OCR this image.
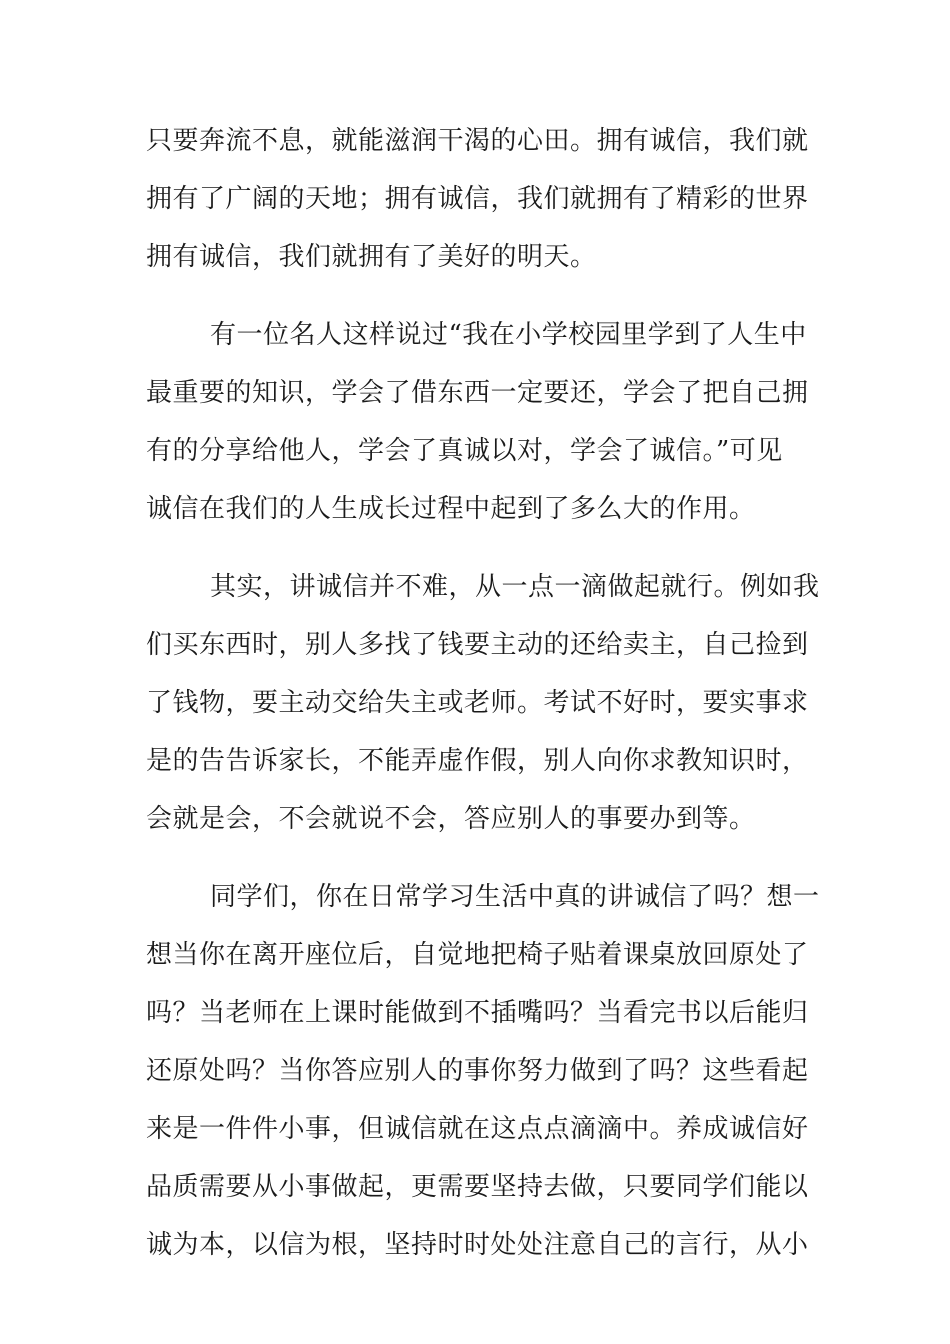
只要奔流不息，就能滋润干渴的心田。拥有诚信，我们就
拥有了广阔的天地；拥有诚信，我们就拥有了精彩的世界
拥有诚信，我们就拥有了美好的明天。
有一位名人这样说过“我在小学校园里学到了人生中
最重要的知识，学会了借东西一定要还，学会了把自己拥
有的分享给他人，学会了真诚以对，学会了诚信。”可见
诚信在我们的人生成长过程中起到了多么大的作用。
其实，讲诚信并不难，从一点一滴做起就行。例如我
们买东西时，别人多找了钱要主动的还给卖主，自己捡到
了钱物，要主动交给失主或老师。考试不好时，要实事求
是的告告诉家长，不能弄虚作假，别人向你求教知识时，
会就是会，不会就说不会，答应别人的事要办到等。
同学们，你在日常学习生活中真的讲诚信了吗？想一
想当你在离开座位后，自觉地把椅子贴着课桌放回原处了
吗？当老师在上课时能做到不插嘴吗？当看完书以后能归
还原处吗？当你答应别人的事你努力做到了吗？这些看起
来是一件件小事，但诚信就在这点点滴滴中。养成诚信好
品质需要从小事做起，更需要坚持去做，只要同学们能以
诚为本，以信为根，坚持时时处处注意自己的言行，从小
